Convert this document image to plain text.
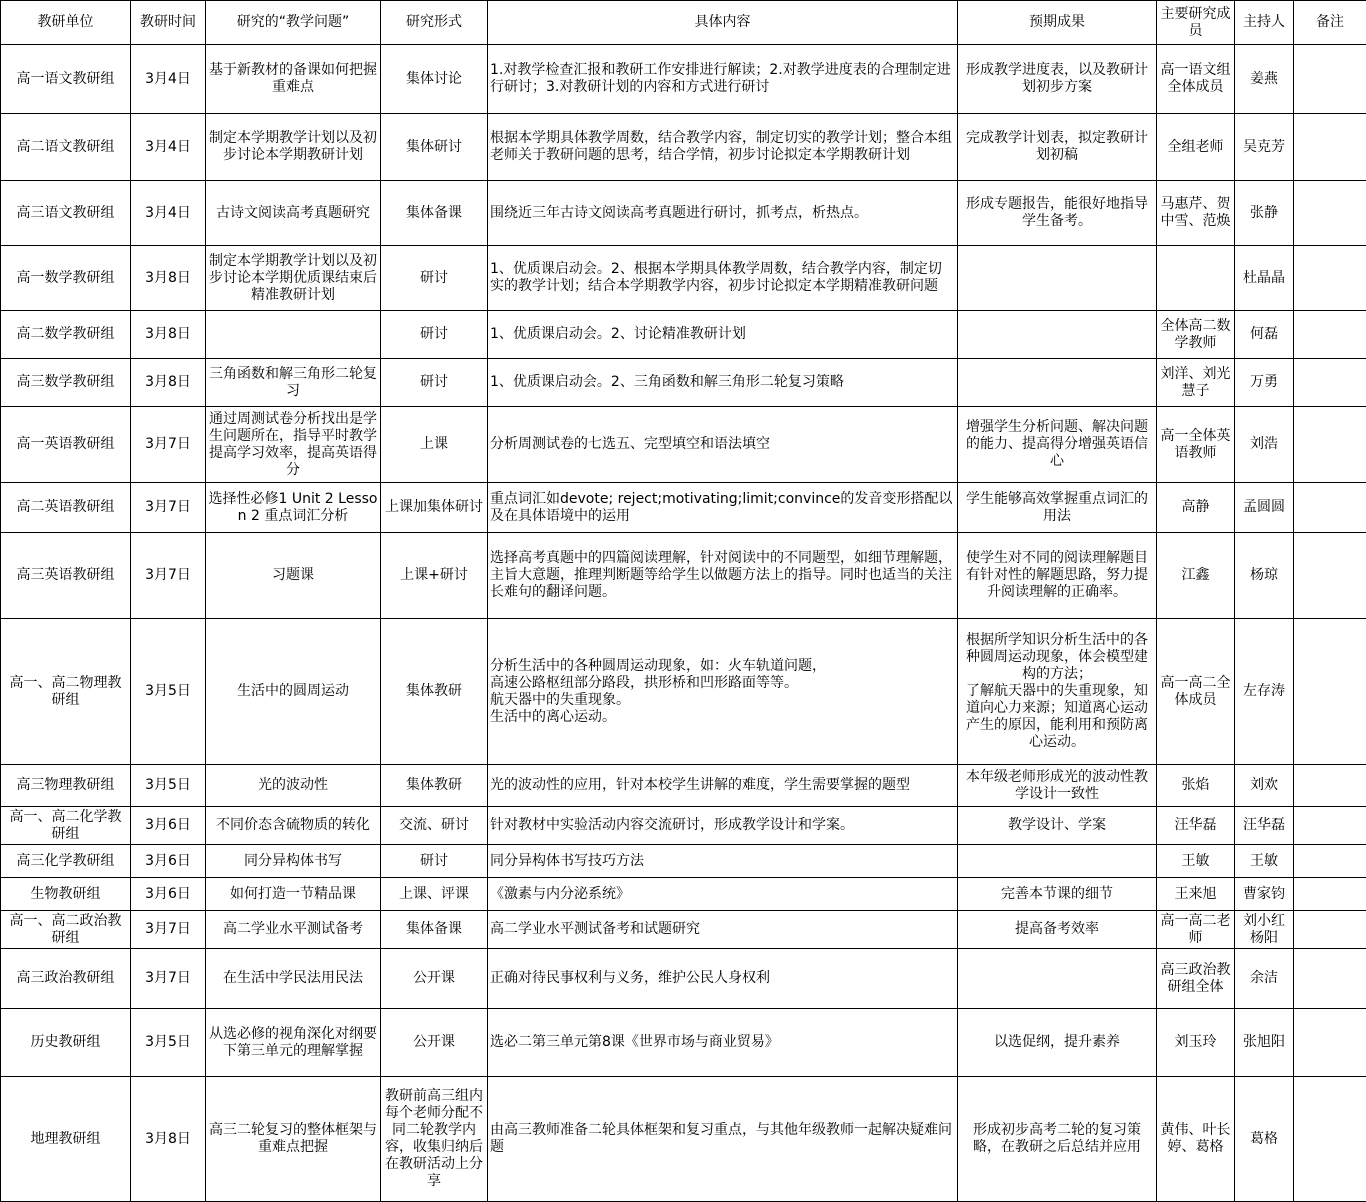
教研单位	教研时间	研究的“教学问题”	研究形式	具体内容	预期成果	主要研究成员	主持人	备注
高一语文教研组	3月4日	基于新教材的备课如何把握重难点	集体讨论	1.对教学检查汇报和教研工作安排进行解读；2.对教学进度表的合理制定进行研讨；3.对教研计划的内容和方式进行研讨	形成教学进度表，以及教研计划初步方案	高一语文组全体成员	姜燕	
高二语文教研组	3月4日	制定本学期教学计划以及初步讨论本学期教研计划	集体研讨	根据本学期具体教学周数，结合教学内容，制定切实的教学计划；整合本组老师关于教研问题的思考，结合学情，初步讨论拟定本学期教研计划	完成教学计划表，拟定教研计划初稿	全组老师	吴克芳	
高三语文教研组	3月4日	古诗文阅读高考真题研究	集体备课	围绕近三年古诗文阅读高考真题进行研讨，抓考点，析热点。	形成专题报告，能很好地指导学生备考。	马惠芹、贺中雪、范焕	张静	
高一数学教研组	3月8日	制定本学期教学计划以及初步讨论本学期优质课结束后精准教研计划	研讨	1、优质课启动会。2、根据本学期具体教学周数，结合教学内容，制定切实的教学计划；结合本学期教学内容，初步讨论拟定本学期精准教研问题			杜晶晶	
高二数学教研组	3月8日		研讨	1、优质课启动会。2、讨论精准教研计划		全体高二数学教师	何磊	
高三数学教研组	3月8日	三角函数和解三角形二轮复习	研讨	1、优质课启动会。2、三角函数和解三角形二轮复习策略		刘洋、刘光慧子	万勇	
高一英语教研组	3月7日	通过周测试卷分析找出是学生问题所在，指导平时教学提高学习效率，提高英语得分	上课	分析周测试卷的七选五、完型填空和语法填空	增强学生分析问题、解决问题的能力、提高得分增强英语信心	高一全体英语教师	刘浩	
高二英语教研组	3月7日	选择性必修1 Unit 2 Lesson 2 重点词汇分析	上课加集体研讨	重点词汇如devote; reject;motivating;limit;convince的发音变形搭配以及在具体语境中的运用	学生能够高效掌握重点词汇的用法	高静	孟圆圆	
高三英语教研组	3月7日	习题课	上课+研讨	选择高考真题中的四篇阅读理解，针对阅读中的不同题型，如细节理解题，主旨大意题，推理判断题等给学生以做题方法上的指导。同时也适当的关注长难句的翻译问题。	使学生对不同的阅读理解题目有针对性的解题思路，努力提升阅读理解的正确率。	江鑫	杨琼	
高一、高二物理教研组	3月5日	生活中的圆周运动	集体教研	分析生活中的各种圆周运动现象，如：火车轨道问题，
高速公路枢纽部分路段，拱形桥和凹形路面等等。
航天器中的失重现象。
生活中的离心运动。	根据所学知识分析生活中的各种圆周运动现象，体会模型建构的方法；
了解航天器中的失重现象，知道向心力来源；知道离心运动产生的原因，能利用和预防离心运动。	高一高二全体成员	左存涛	
高三物理教研组	3月5日	光的波动性	集体教研	光的波动性的应用，针对本校学生讲解的难度，学生需要掌握的题型	本年级老师形成光的波动性教学设计一致性	张焰	刘欢	
高一、高二化学教研组	3月6日	不同价态含硫物质的转化	交流、研讨	针对教材中实验活动内容交流研讨，形成教学设计和学案。	教学设计、学案	汪华磊	汪华磊	
高三化学教研组	3月6日	同分异构体书写	研讨	同分异构体书写技巧方法		王敏	王敏	
生物教研组	3月6日	如何打造一节精品课	上课、评课	《激素与内分泌系统》	完善本节课的细节	王来旭	曹家钧	
高一、高二政治教研组	3月7日	高二学业水平测试备考	集体备课	高二学业水平测试备考和试题研究	提高备考效率	高一高二老师	刘小红杨阳	
高三政治教研组	3月7日	在生活中学民法用民法	公开课	正确对待民事权利与义务，维护公民人身权利		高三政治教研组全体	余洁	
历史教研组	3月5日	从选必修的视角深化对纲要下第三单元的理解掌握	公开课	选必二第三单元第8课《世界市场与商业贸易》	以选促纲，提升素养	刘玉玲	张旭阳	
地理教研组	3月8日	高三二轮复习的整体框架与重难点把握	教研前高三组内每个老师分配不同二轮教学内容，收集归纳后在教研活动上分享	由高三教师准备二轮具体框架和复习重点，与其他年级教师一起解决疑难问题	形成初步高考二轮的复习策略，在教研之后总结并应用	黄伟、叶长婷、葛格	葛格	
